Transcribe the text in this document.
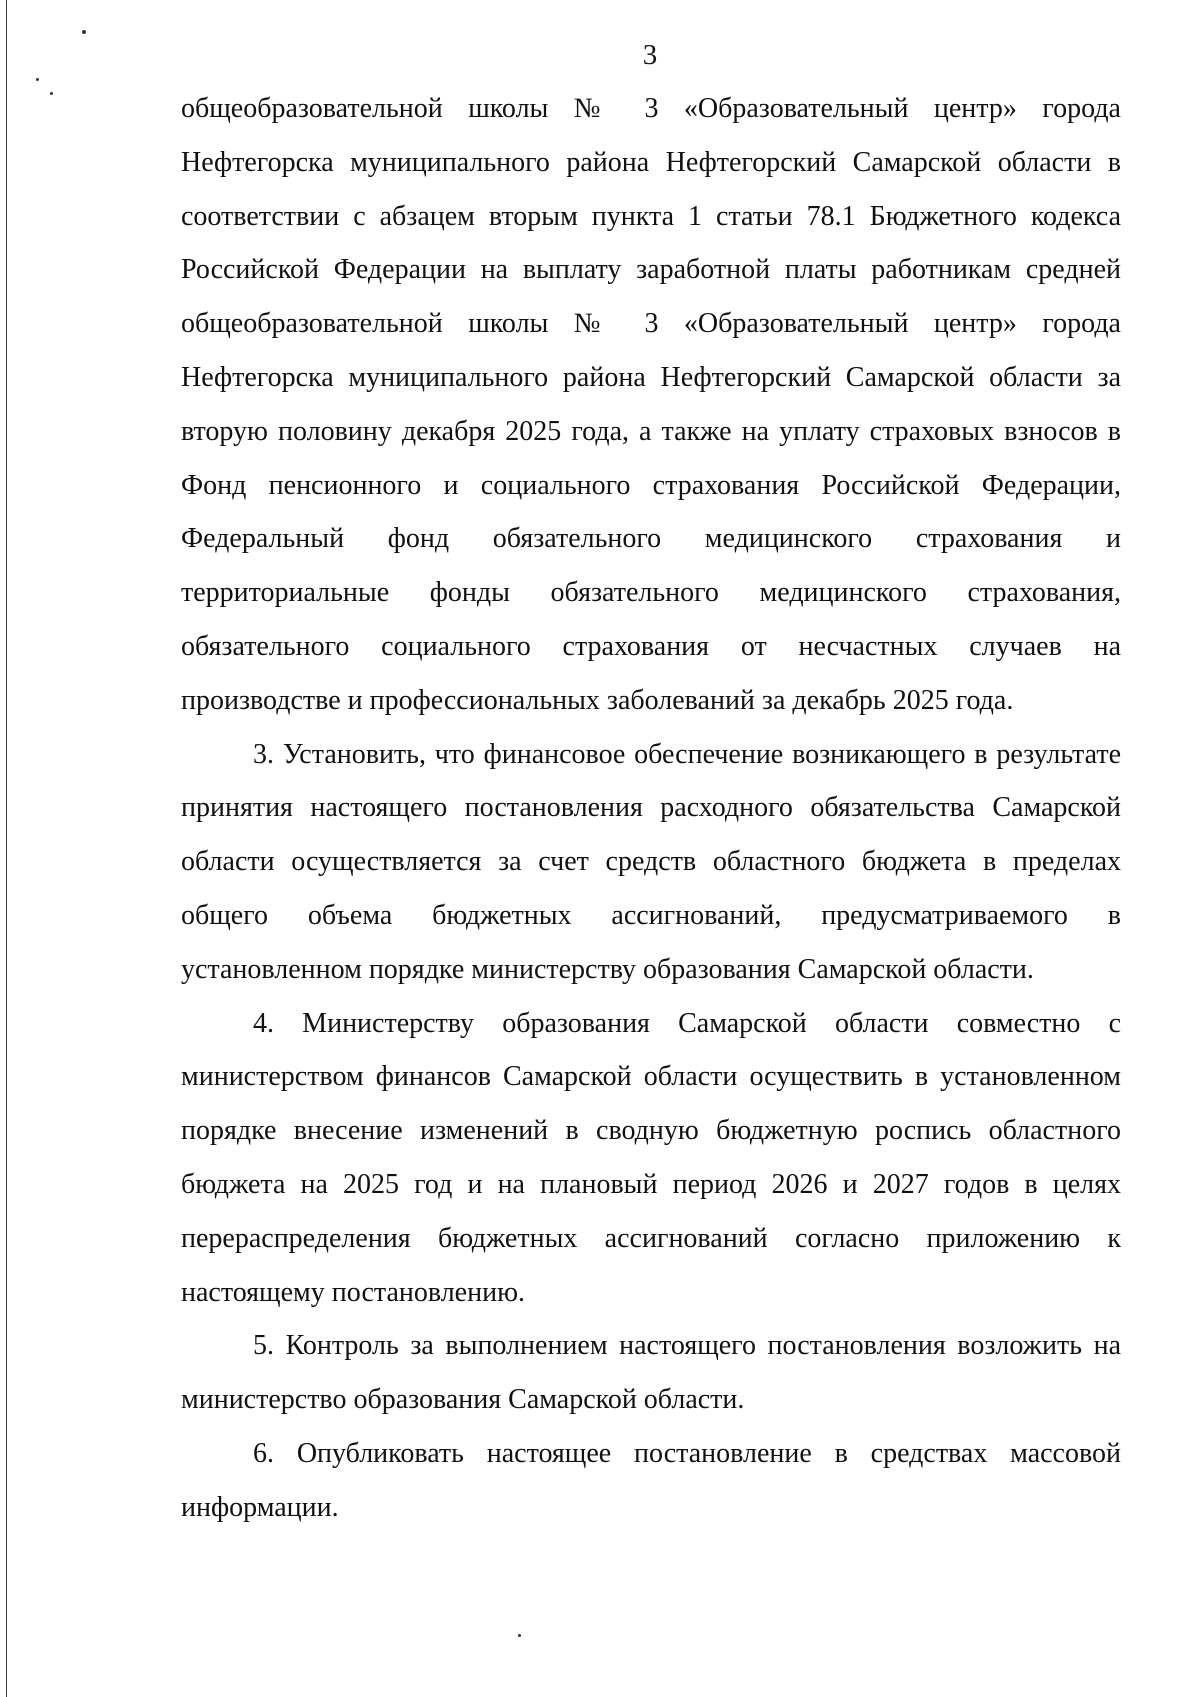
3

общеобразовательной школы № 3 «Образовательный центр» города Нефтегорска муниципального района Нефтегорский Самарской области в соответствии с абзацем вторым пункта 1 статьи 78.1 Бюджетного кодекса Российской Федерации на выплату заработной платы работникам средней общеобразовательной школы № 3 «Образовательный центр» города Нефтегорска муниципального района Нефтегорский Самарской области за вторую половину декабря 2025 года, а также на уплату страховых взносов в Фонд пенсионного и социального страхования Российской Федерации, Федеральный фонд обязательного медицинского страхования и территориальные фонды обязательного медицинского страхования, обязательного социального страхования от несчастных случаев на производстве и профессиональных заболеваний за декабрь 2025 года.

3. Установить, что финансовое обеспечение возникающего в результате принятия настоящего постановления расходного обязательства Самарской области осуществляется за счет средств областного бюджета в пределах общего объема бюджетных ассигнований, предусматриваемого в установленном порядке министерству образования Самарской области.

4. Министерству образования Самарской области совместно с министерством финансов Самарской области осуществить в установленном порядке внесение изменений в сводную бюджетную роспись областного бюджета на 2025 год и на плановый период 2026 и 2027 годов в целях перераспределения бюджетных ассигнований согласно приложению к настоящему постановлению.

5. Контроль за выполнением настоящего постановления возложить на министерство образования Самарской области.

6. Опубликовать настоящее постановление в средствах массовой информации.
